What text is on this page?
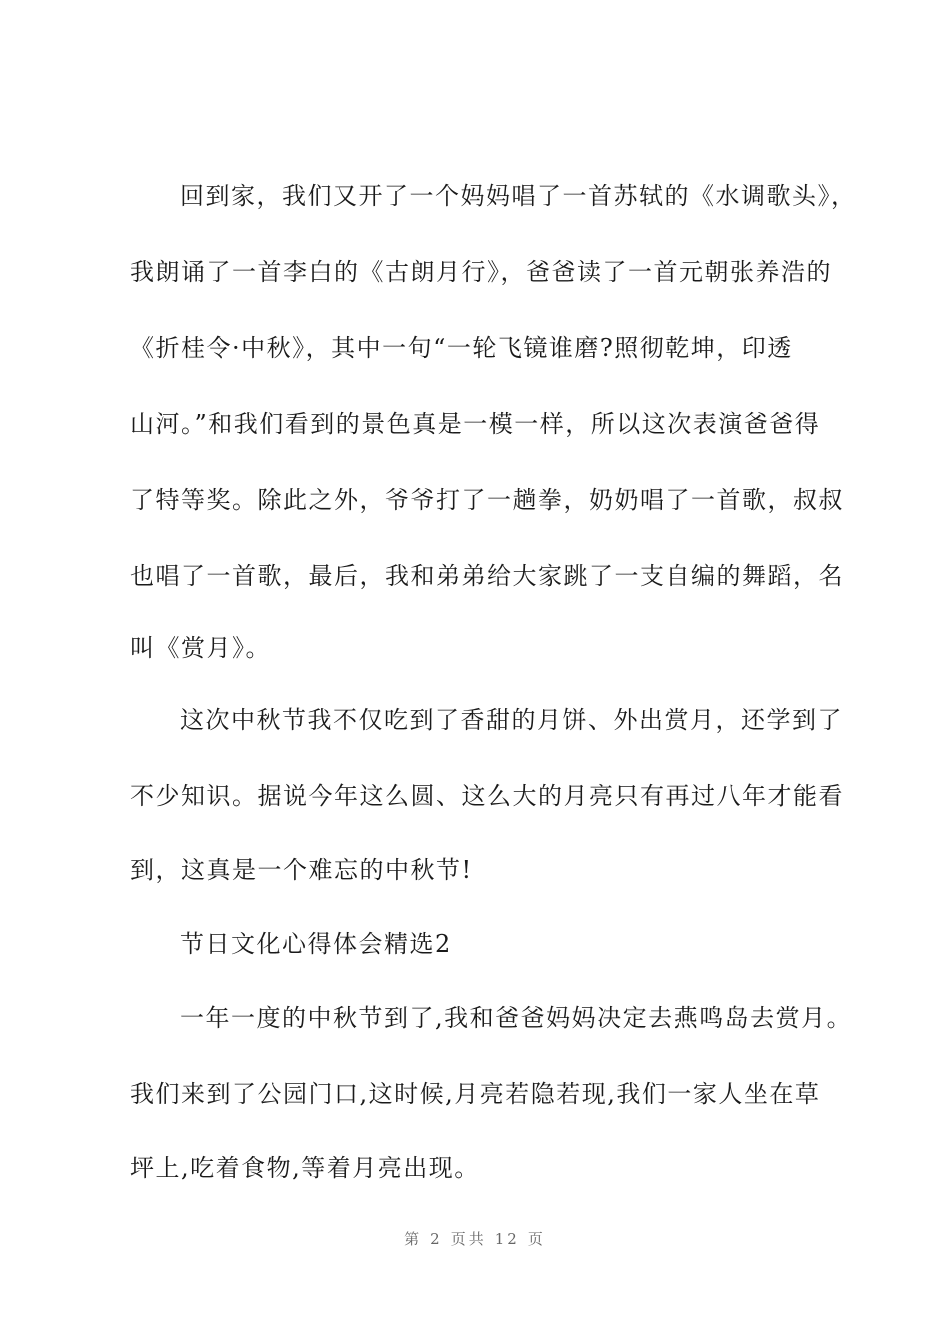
回到家，我们又开了一个妈妈唱了一首苏轼的《水调歌头》，
我朗诵了一首李白的《古朗月行》，爸爸读了一首元朝张养浩的
《折桂令·中秋》，其中一句“一轮飞镜谁磨?照彻乾坤，印透
山河。”和我们看到的景色真是一模一样，所以这次表演爸爸得
了特等奖。除此之外，爷爷打了一趟拳，奶奶唱了一首歌，叔叔
也唱了一首歌，最后，我和弟弟给大家跳了一支自编的舞蹈，名
叫《赏月》。
这次中秋节我不仅吃到了香甜的月饼、外出赏月，还学到了
不少知识。据说今年这么圆、这么大的月亮只有再过八年才能看
到，这真是一个难忘的中秋节!
节日文化心得体会精选2
一年一度的中秋节到了,我和爸爸妈妈决定去燕鸣岛去赏月。
我们来到了公园门口,这时候,月亮若隐若现,我们一家人坐在草
坪上,吃着食物,等着月亮出现。
第 2 页共 12 页
